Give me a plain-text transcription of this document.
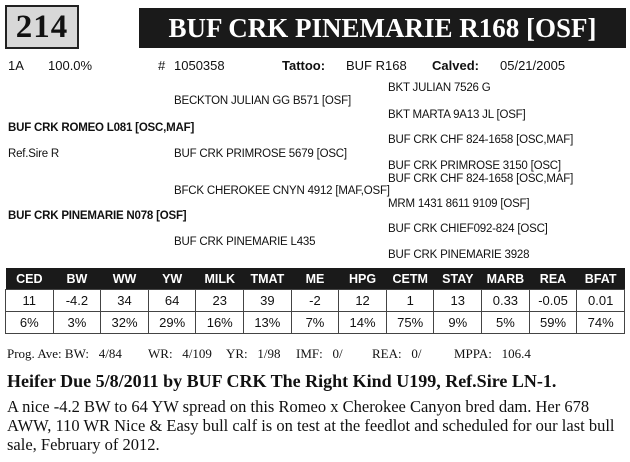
214	BUF CRK PINEMARIE R168 [OSF]
1A 100.0%	# 1050358	Tattoo: BUF R168 Calved: 05/21/2005
BKT JULIAN 7526 G
BECKTON JULIAN GG B571 [OSF]
BKT MARTA 9A13 JL [OSF]
BUF CRK ROMEO L081 [OSC,MAF]
BUF CRK CHF 824-1658 [OSC,MAF]
Ref.Sire R	BUF CRK PRIMROSE 5679 [OSC]
BUF CRK PRIMROSE 3150 [OSC]
BUF CRK CHF 824-1658 [OSC,MAF]
BFCK CHEROKEE CNYN 4912 [MAF,OSF]
MRM 1431 8611 9109 [OSF]
BUF CRK PINEMARIE N078 [OSF]
BUF CRK CHIEF092-824 [OSC]
BUF CRK PINEMARIE L435
BUF CRK PINEMARIE 3928
CED	BW	WW	YW	MILK	TMAT	ME	HPG	CETM	STAY	MARB	REA	BFAT
11	-4.2	34	64	23	39	-2	12	1	13	0.33	-0.05	0.01
6%	3%	32%	29%	16%	13%	7%	14%	75%	9%	5%	59%	74%
Prog. Ave: BW:   4/84 WR:   4/109 YR:   1/98 IMF:   0/ REA:   0/	MPPA:   106.4
Heifer Due 5/8/2011 by BUF CRK The Right Kind U199, Ref.Sire LN-1.
A nice -4.2 BW to 64 YW spread on this Romeo x Cherokee Canyon bred dam. Her 678 AWW, 110 WR Nice & Easy bull calf is on test at the feedlot and scheduled for our last bull sale, February of 2012.
